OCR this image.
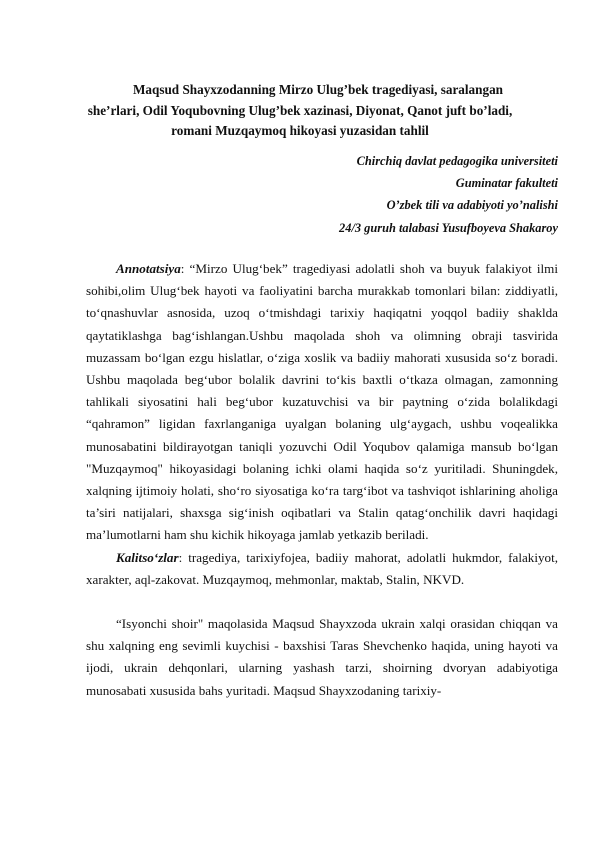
Maqsud Shayxzodanning Mirzo Ulug’bek tragediyasi, saralangan
she’rlari, Odil Yoqubovning Ulug’bek xazinasi, Diyonat, Qanot juft bo’ladi,
romani Muzqaymoq hikoyasi yuzasidan tahlil
Chirchiq davlat pedagogika universiteti
Guminatar fakulteti
O’zbek tili va adabiyoti yo’nalishi
24/3 guruh talabasi Yusufboyeva Shakaroy

Annotatsiya: “Mirzo Ulug‘bek” tragediyasi adolatli shoh va buyuk falakiyot ilmi sohibi,olim Ulug‘bek hayoti va faoliyatini barcha murakkab tomonlari bilan: ziddiyatli, to‘qnashuvlar asnosida, uzoq o‘tmishdagi tarixiy haqiqatni yoqqol badiiy shaklda qaytatiklashga bag‘ishlangan.Ushbu maqolada shoh va olimning obraji tasvirida muzassam bo‘lgan ezgu hislatlar, o‘ziga xoslik va badiiy mahorati xususida so‘z boradi. Ushbu maqolada beg‘ubor bolalik davrini to‘kis baxtli o‘tkaza olmagan, zamonning tahlikali siyosatini hali beg‘ubor kuzatuvchisi va bir paytning o‘zida bolalikdagi “qahramon” ligidan faxrlanganiga uyalgan bolaning ulg‘aygach, ushbu voqealikka munosabatini bildirayotgan taniqli yozuvchi Odil Yoqubov qalamiga mansub bo‘lgan "Muzqaymoq" hikoyasidagi bolaning ichki olami haqida so‘z yuritiladi. Shuningdek, xalqning ijtimoiy holati, sho‘ro siyosatiga ko‘ra targ‘ibot va tashviqot ishlarining aholiga ta’siri natijalari, shaxsga sig‘inish oqibatlari va Stalin qatag‘onchilik davri haqidagi ma’lumotlarni ham shu kichik hikoyaga jamlab yetkazib beriladi.

Kalitso‘zlar: tragediya, tarixiyfojea, badiiy mahorat, adolatli hukmdor, falakiyot, xarakter, aql-zakovat. Muzqaymoq, mehmonlar, maktab, Stalin, NKVD.

“Isyonchi shoir" maqolasida Maqsud Shayxzoda ukrain xalqi orasidan chiqqan va shu xalqning eng sevimli kuychisi - baxshisi Taras Shevchenko haqida, uning hayoti va ijodi, ukrain dehqonlari, ularning yashash tarzi, shoirning dvoryan adabiyotiga munosabati xususida bahs yuritadi. Maqsud Shayxzodaning tarixiy-
